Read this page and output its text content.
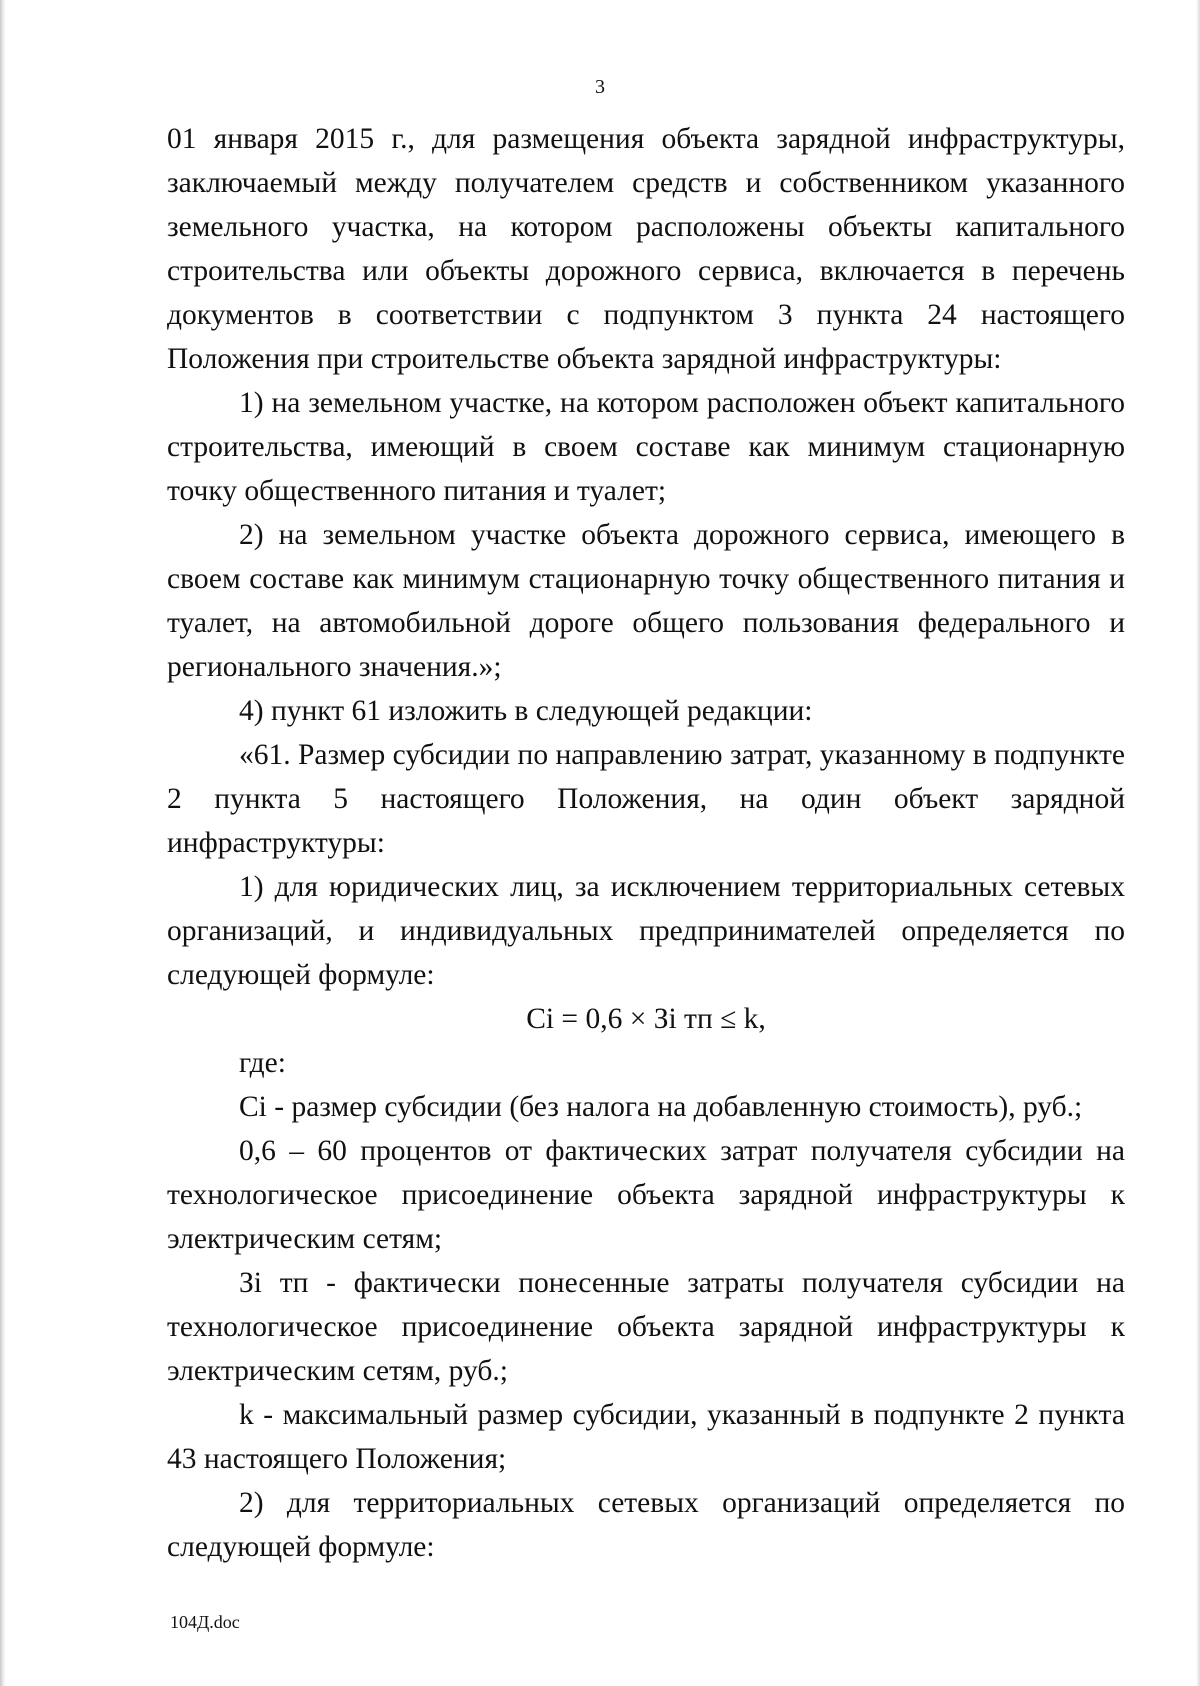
3

01 января 2015 г., для размещения объекта зарядной инфраструктуры, заключаемый между получателем средств и собственником указанного земельного участка, на котором расположены объекты капитального строительства или объекты дорожного сервиса, включается в перечень документов в соответствии с подпунктом 3 пункта 24 настоящего Положения при строительстве объекта зарядной инфраструктуры:

1) на земельном участке, на котором расположен объект капитального строительства, имеющий в своем составе как минимум стационарную точку общественного питания и туалет;

2) на земельном участке объекта дорожного сервиса, имеющего в своем составе как минимум стационарную точку общественного питания и туалет, на автомобильной дороге общего пользования федерального и регионального значения.»;

4) пункт 61 изложить в следующей редакции:

«61. Размер субсидии по направлению затрат, указанному в подпункте 2 пункта 5 настоящего Положения, на один объект зарядной инфраструктуры:

1) для юридических лиц, за исключением территориальных сетевых организаций, и индивидуальных предпринимателей определяется по следующей формуле:

Ci = 0,6 × Зi тп ≤ k,

где:

Ci - размер субсидии (без налога на добавленную стоимость), руб.;

0,6 – 60 процентов от фактических затрат получателя субсидии на технологическое присоединение объекта зарядной инфраструктуры к электрическим сетям;

Зi тп - фактически понесенные затраты получателя субсидии на технологическое присоединение объекта зарядной инфраструктуры к электрическим сетям, руб.;

k - максимальный размер субсидии, указанный в подпункте 2 пункта 43 настоящего Положения;

2) для территориальных сетевых организаций определяется по следующей формуле:

104Д.doc
